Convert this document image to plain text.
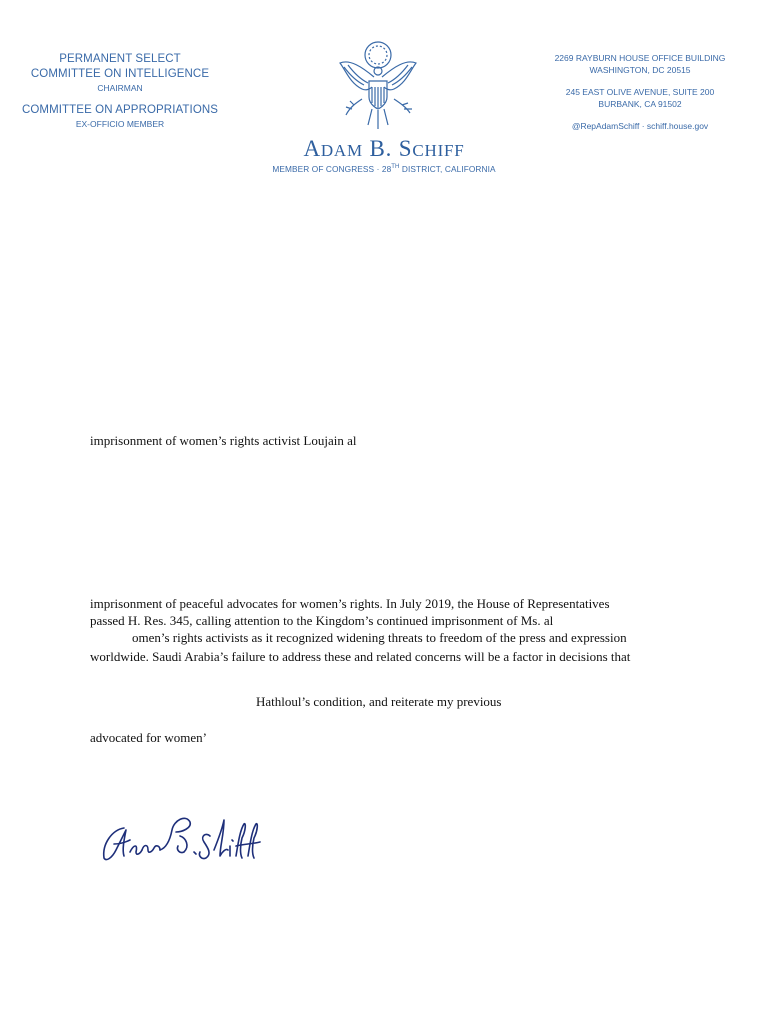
PERMANENT SELECT
COMMITTEE ON INTELLIGENCE
CHAIRMAN
COMMITTEE ON APPROPRIATIONS
EX-OFFICIO MEMBER
ADAM B. SCHIFF
MEMBER OF CONGRESS · 28TH DISTRICT, CALIFORNIA
2269 RAYBURN HOUSE OFFICE BUILDING
WASHINGTON, DC 20515
245 EAST OLIVE AVENUE, SUITE 200
BURBANK, CA 91502
@RepAdamSchiff · schiff.house.gov
imprisonment of women’s rights activist Loujain al
imprisonment of peaceful advocates for women’s rights. In July 2019, the House of Representatives
passed H. Res. 345, calling attention to the Kingdom’s continued imprisonment of Ms. al
omen’s rights activists as it recognized widening threats to freedom of the press and expression
worldwide. Saudi Arabia’s failure to address these and related concerns will be a factor in decisions that
Hathloul’s condition, and reiterate my previous
advocated for women’
